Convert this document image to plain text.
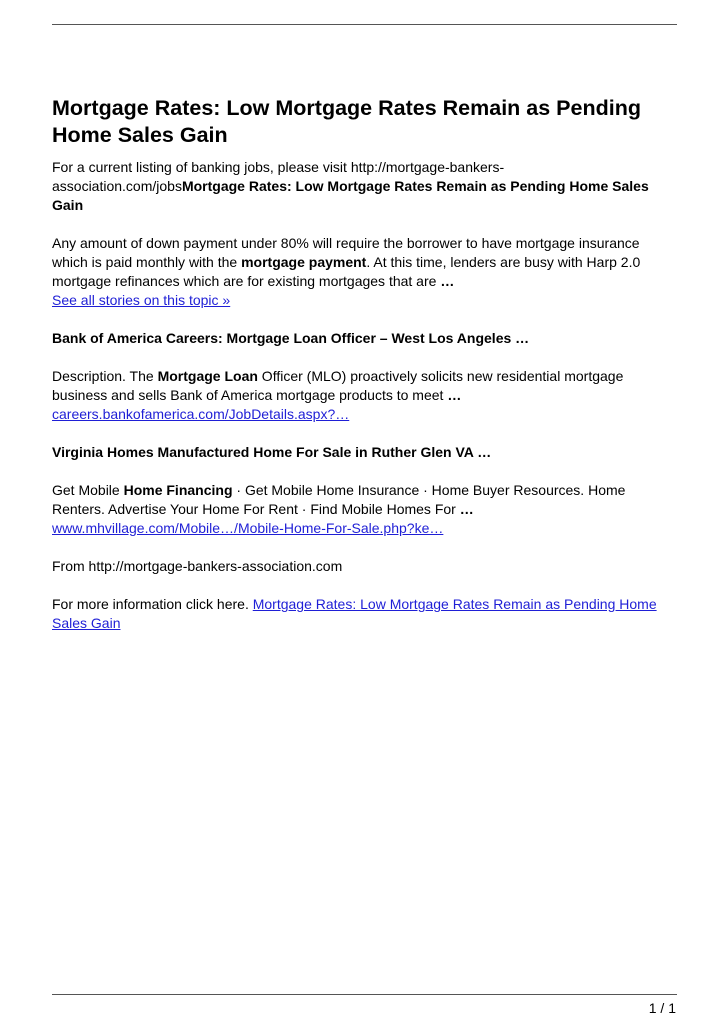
Mortgage Rates: Low Mortgage Rates Remain as Pending Home Sales Gain

For a current listing of banking jobs, please visit http://mortgage-bankers-association.com/jobsMortgage Rates: Low Mortgage Rates Remain as Pending Home Sales Gain

Any amount of down payment under 80% will require the borrower to have mortgage insurance which is paid monthly with the mortgage payment. At this time, lenders are busy with Harp 2.0 mortgage refinances which are for existing mortgages that are …
See all stories on this topic »

Bank of America Careers: Mortgage Loan Officer – West Los Angeles …

Description. The Mortgage Loan Officer (MLO) proactively solicits new residential mortgage business and sells Bank of America mortgage products to meet …
careers.bankofamerica.com/JobDetails.aspx?…

Virginia Homes Manufactured Home For Sale in Ruther Glen VA …

Get Mobile Home Financing · Get Mobile Home Insurance · Home Buyer Resources. Home Renters. Advertise Your Home For Rent · Find Mobile Homes For …
www.mhvillage.com/Mobile…/Mobile-Home-For-Sale.php?ke…

From http://mortgage-bankers-association.com

For more information click here. Mortgage Rates: Low Mortgage Rates Remain as Pending Home Sales Gain

1 / 1
